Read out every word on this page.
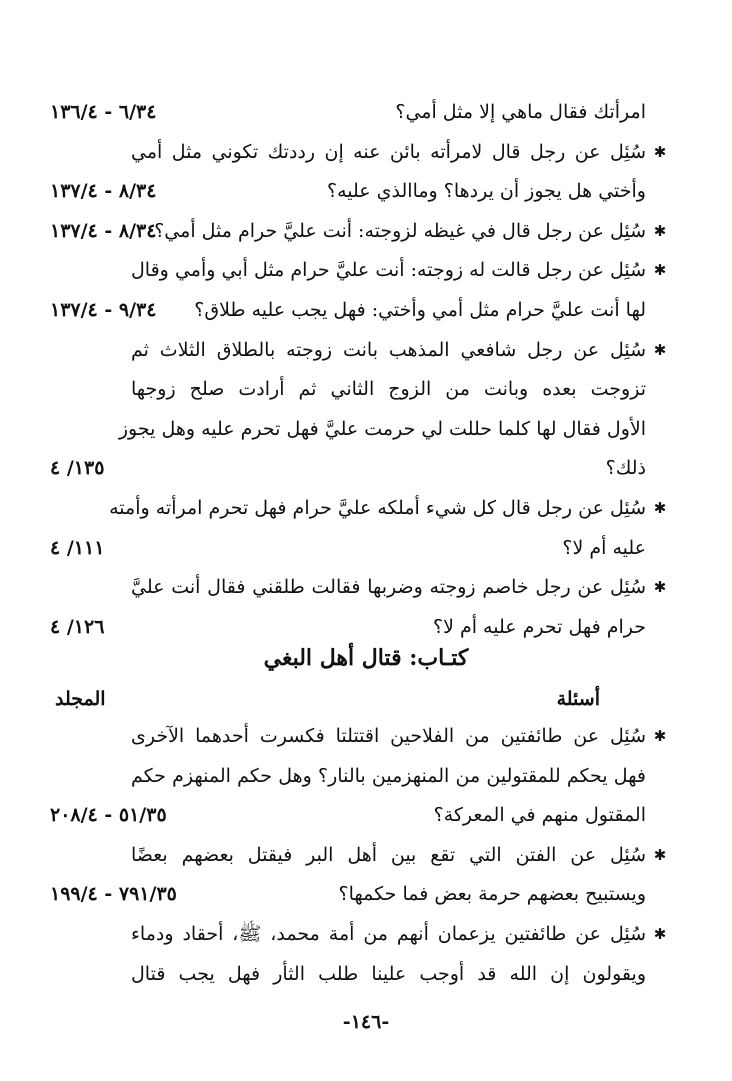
كتـاب: قتال أهل البغي
المجلد	أسئلة
-١٤٦-
امرأتك فقال ماهي إلا مثل أمي؟
٦/٣٤ - ١٣٦/٤
✱
سُئِل عن رجل قال لامرأته بائن عنه إن رددتك تكوني مثل أمي
وأختي هل يجوز أن يردها؟ وماالذي عليه؟
٨/٣٤ - ١٣٧/٤
✱
سُئِل عن رجل قال في غيظه لزوجته: أنت عليَّ حرام مثل أمي؟
٨/٣٤ - ١٣٧/٤
✱
سُئِل عن رجل قالت له زوجته: أنت عليَّ حرام مثل أبي وأمي وقال
لها أنت عليَّ حرام مثل أمي وأختي: فهل يجب عليه طلاق؟
٩/٣٤ - ١٣٧/٤
✱
سُئِل عن رجل شافعي المذهب بانت زوجته بالطلاق الثلاث ثم
تزوجت بعده وبانت من الزوج الثاني ثم أرادت صلح زوجها
الأول فقال لها كلما حللت لي حرمت عليَّ فهل تحرم عليه وهل يجوز
ذلك؟
١٣٥/ ٤
✱
سُئِل عن رجل قال كل شيء أملكه عليَّ حرام فهل تحرم امرأته وأمته
عليه أم لا؟
١١١/ ٤
✱
سُئِل عن رجل خاصم زوجته وضربها فقالت طلقني فقال أنت عليَّ
حرام فهل تحرم عليه أم لا؟
١٢٦/ ٤
✱
سُئِل عن طائفتين من الفلاحين اقتتلتا فكسرت أحدهما الآخرى
فهل يحكم للمقتولين من المنهزمين بالنار؟ وهل حكم المنهزم حكم
المقتول منهم في المعركة؟
٥١/٣٥ - ٢٠٨/٤
✱
سُئِل عن الفتن التي تقع بين أهل البر فيقتل بعضهم بعضًا
ويستبيح بعضهم حرمة بعض فما حكمها؟
٧٩١/٣٥ - ١٩٩/٤
✱
سُئِل عن طائفتين يزعمان أنهم من أمة محمد، ﷺ، أحقاد ودماء
ويقولون إن الله قد أوجب علينا طلب الثأر فهل يجب قتال
